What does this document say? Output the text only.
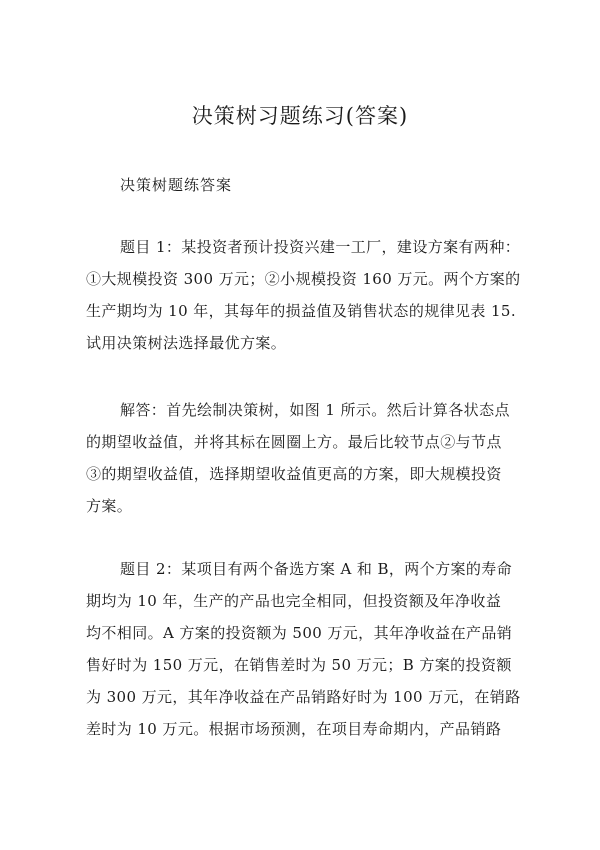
决策树习题练习(答案)
决策树题练答案
题目 1：某投资者预计投资兴建一工厂，建设方案有两种：
①大规模投资 300 万元；②小规模投资 160 万元。两个方案的
生产期均为 10 年，其每年的损益值及销售状态的规律见表 15.
试用决策树法选择最优方案。
解答：首先绘制决策树，如图 1 所示。然后计算各状态点
的期望收益值，并将其标在圆圈上方。最后比较节点②与节点
③的期望收益值，选择期望收益值更高的方案，即大规模投资
方案。
题目 2：某项目有两个备选方案 A 和 B，两个方案的寿命
期均为 10 年，生产的产品也完全相同，但投资额及年净收益
均不相同。A 方案的投资额为 500 万元，其年净收益在产品销
售好时为 150 万元，在销售差时为 50 万元；B 方案的投资额
为 300 万元，其年净收益在产品销路好时为 100 万元，在销路
差时为 10 万元。根据市场预测，在项目寿命期内，产品销路
